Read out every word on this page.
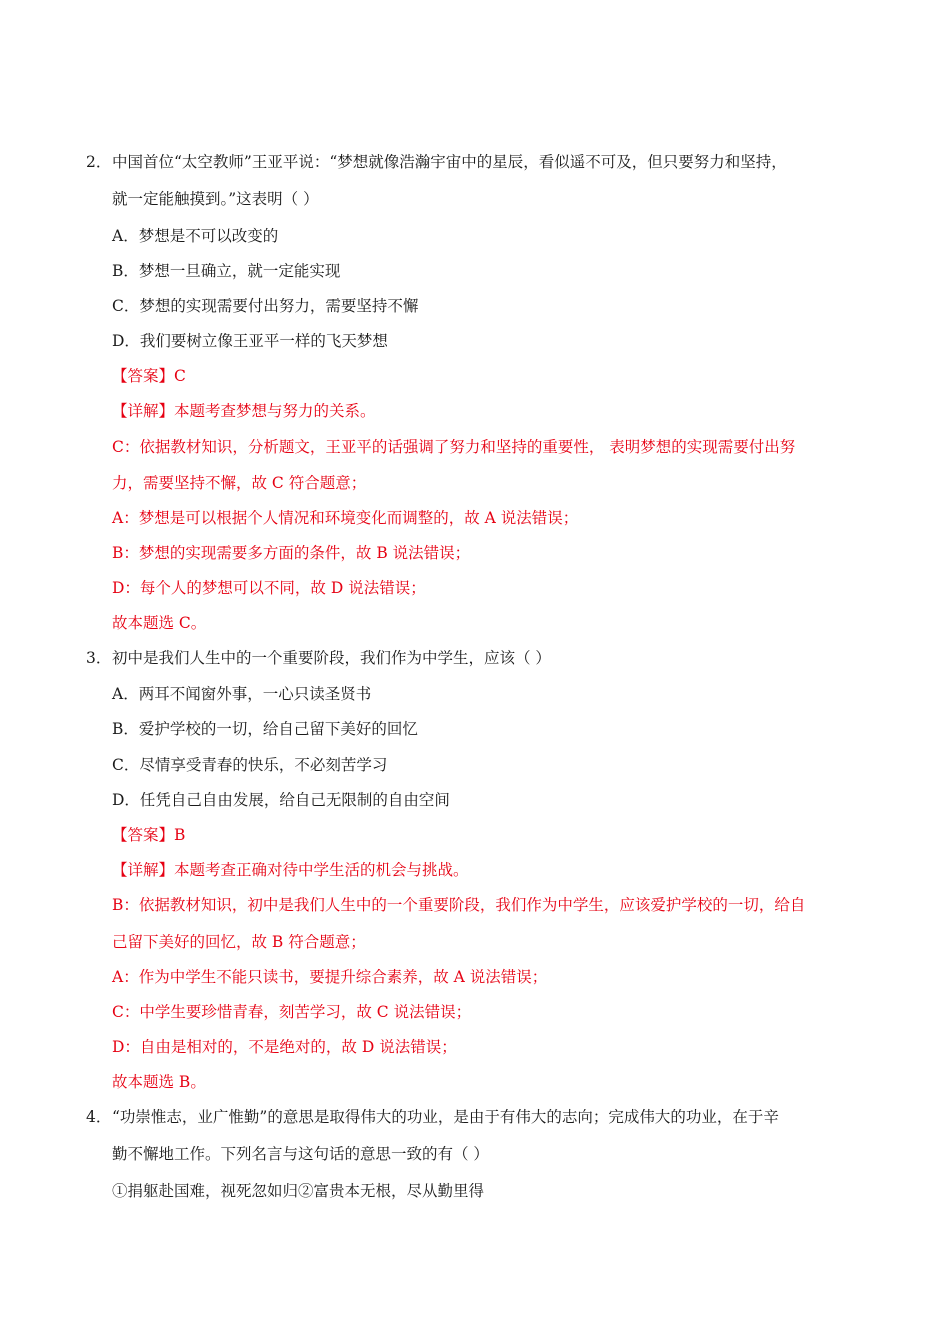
2．中国首位“太空教师”王亚平说：“梦想就像浩瀚宇宙中的星辰，看似遥不可及，但只要努力和坚持，
就一定能触摸到。”这表明（ ）
A．梦想是不可以改变的
B．梦想一旦确立，就一定能实现
C．梦想的实现需要付出努力，需要坚持不懈
D．我们要树立像王亚平一样的飞天梦想
【答案】C
【详解】本题考查梦想与努力的关系。
C：依据教材知识，分析题文，王亚平的话强调了努力和坚持的重要性， 表明梦想的实现需要付出努
力，需要坚持不懈，故 C 符合题意；
A：梦想是可以根据个人情况和环境变化而调整的，故 A 说法错误；
B：梦想的实现需要多方面的条件，故 B 说法错误；
D：每个人的梦想可以不同，故 D 说法错误；
故本题选 C。
3．初中是我们人生中的一个重要阶段，我们作为中学生，应该（ ）
A．两耳不闻窗外事，一心只读圣贤书
B．爱护学校的一切，给自己留下美好的回忆
C．尽情享受青春的快乐，不必刻苦学习
D．任凭自己自由发展，给自己无限制的自由空间
【答案】B
【详解】本题考查正确对待中学生活的机会与挑战。
B：依据教材知识，初中是我们人生中的一个重要阶段，我们作为中学生，应该爱护学校的一切，给自
己留下美好的回忆，故 B 符合题意；
A：作为中学生不能只读书，要提升综合素养，故 A 说法错误；
C：中学生要珍惜青春，刻苦学习，故 C 说法错误；
D：自由是相对的，不是绝对的，故 D 说法错误；
故本题选 B。
4．“功崇惟志，业广惟勤”的意思是取得伟大的功业，是由于有伟大的志向；完成伟大的功业，在于辛
勤不懈地工作。下列名言与这句话的意思一致的有（ ）
①捐躯赴国难，视死忽如归②富贵本无根，尽从勤里得
